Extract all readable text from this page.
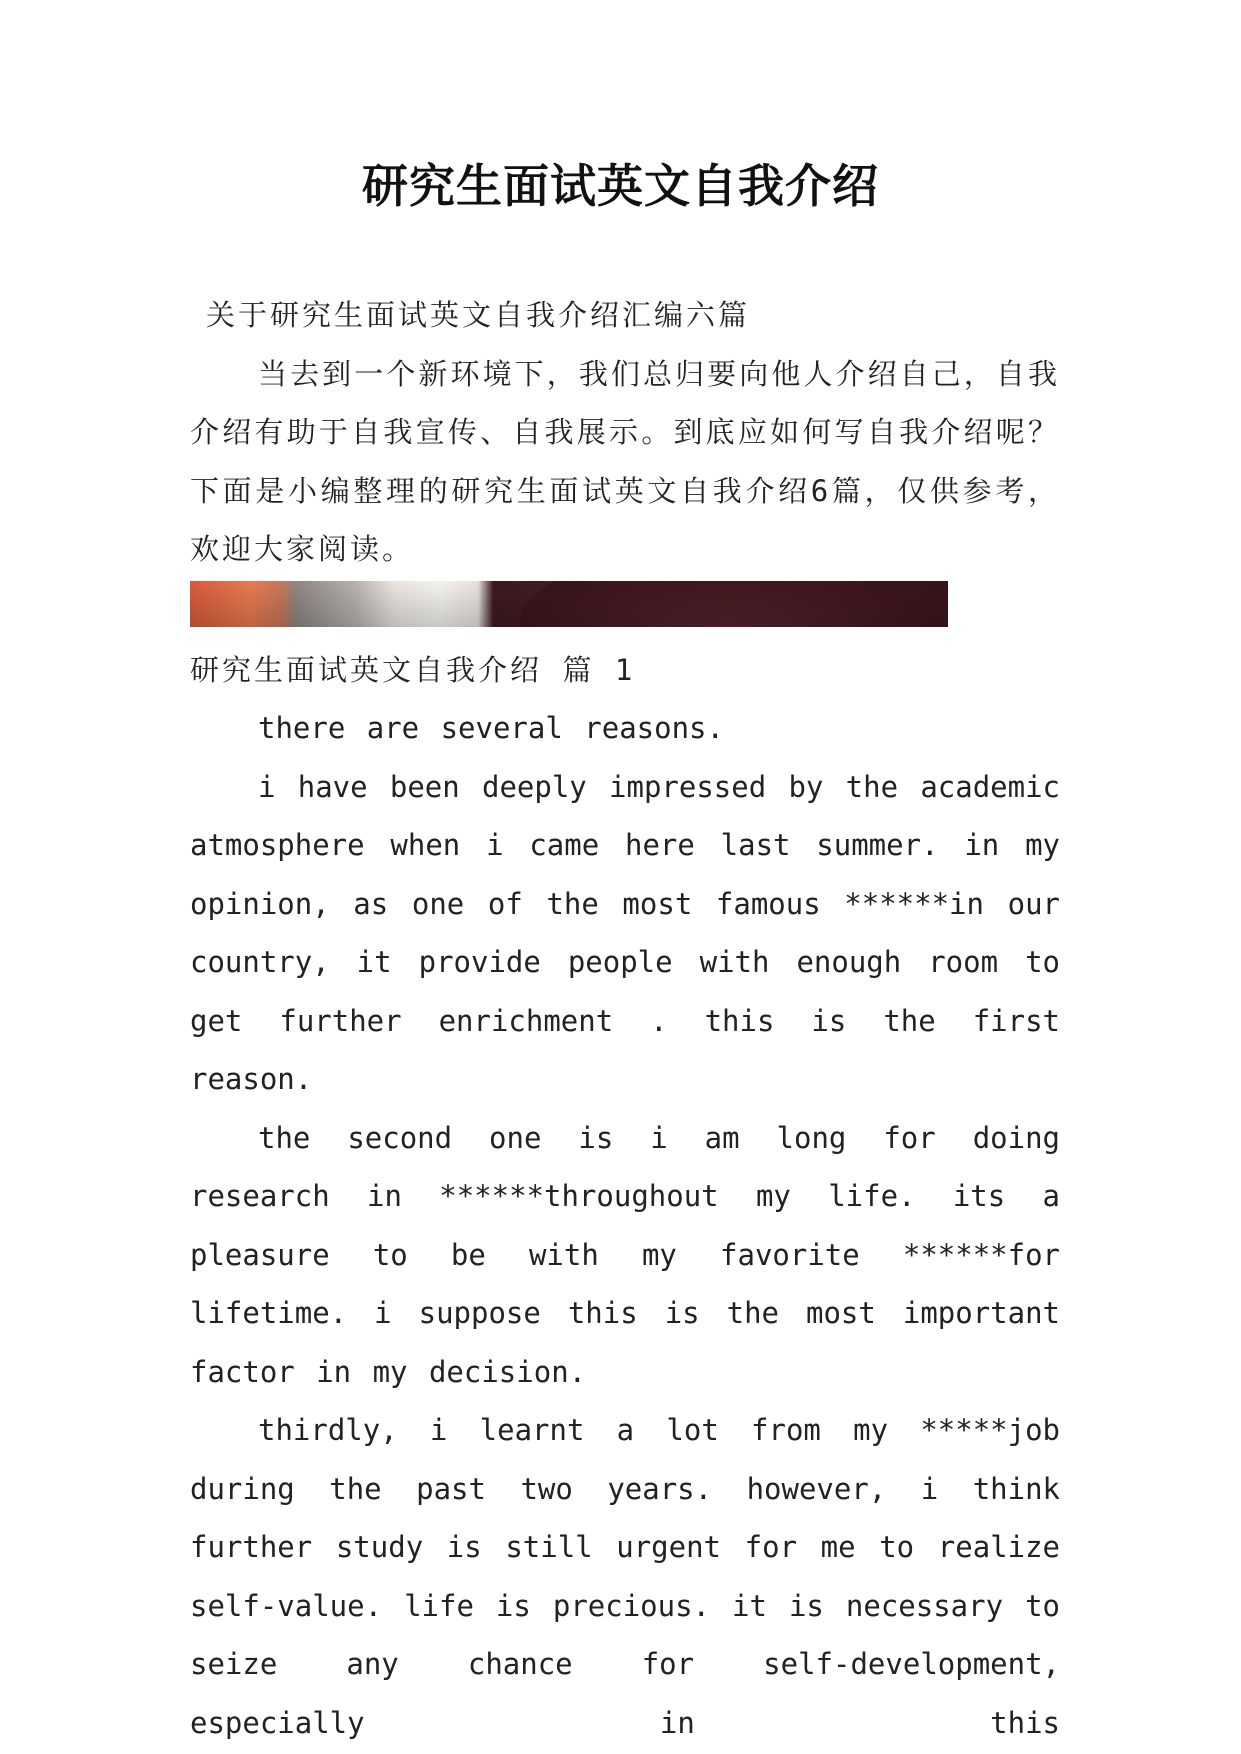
研究生面试英文自我介绍

关于研究生面试英文自我介绍汇编六篇

当去到一个新环境下，我们总归要向他人介绍自己，自我介绍有助于自我宣传、自我展示。到底应如何写自我介绍呢？下面是小编整理的研究生面试英文自我介绍6篇，仅供参考，欢迎大家阅读。

研究生面试英文自我介绍 篇 1

there are several reasons.

i have been deeply impressed by the academic atmosphere when i came here last summer. in my opinion, as one of the most famous ******in our country, it provide people with enough room to get further enrichment . this is the first reason.

the second one is i am long for doing research in ******throughout my life. its a pleasure to be with my favorite ******for lifetime. i suppose this is the most important factor in my decision.

thirdly, i learnt a lot from my *****job during the past two years. however, i think further study is still urgent for me to realize self-value. life is precious. it is necessary to seize any chance for self-development, especially in this
